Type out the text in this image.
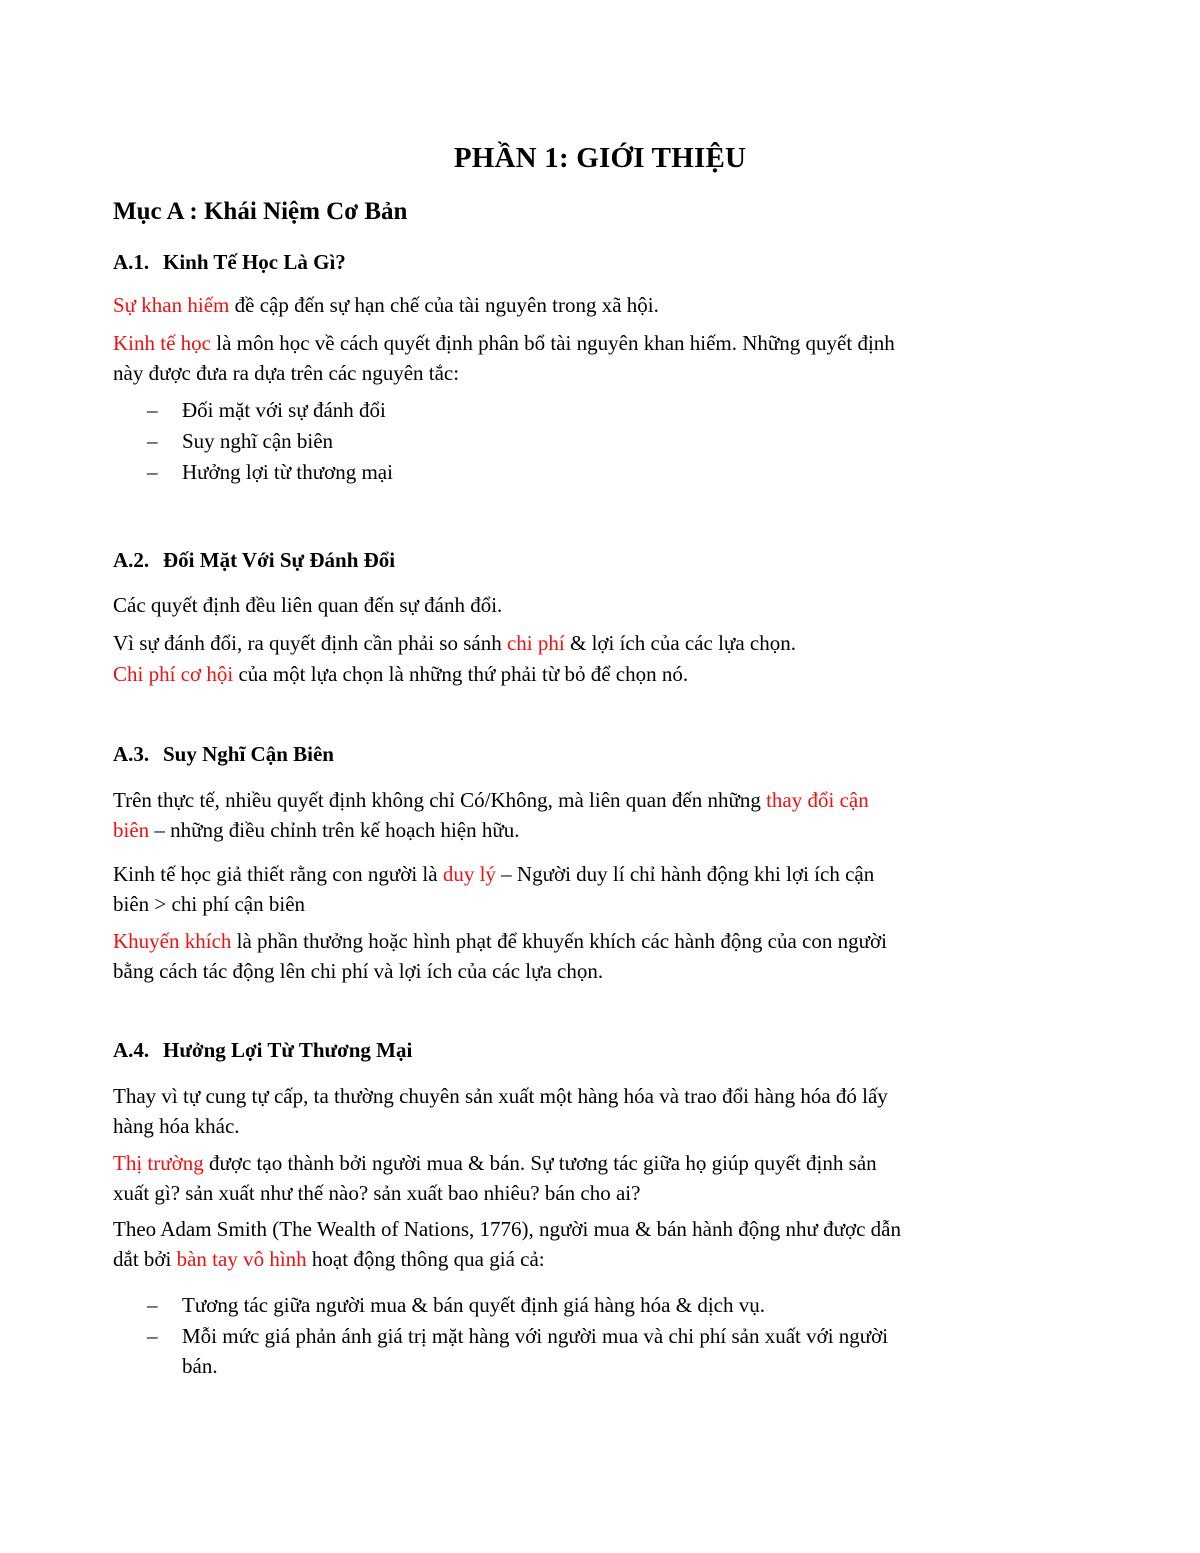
PHẦN 1: GIỚI THIỆU
Mục A : Khái Niệm Cơ Bản
A.1. Kinh Tế Học Là Gì?
Sự khan hiếm đề cập đến sự hạn chế của tài nguyên trong xã hội.
Kinh tế học là môn học về cách quyết định phân bổ tài nguyên khan hiếm. Những quyết định này được đưa ra dựa trên các nguyên tắc:
– Đối mặt với sự đánh đổi
– Suy nghĩ cận biên
– Hưởng lợi từ thương mại
A.2. Đối Mặt Với Sự Đánh Đổi
Các quyết định đều liên quan đến sự đánh đổi.
Vì sự đánh đổi, ra quyết định cần phải so sánh chi phí & lợi ích của các lựa chọn.
Chi phí cơ hội của một lựa chọn là những thứ phải từ bỏ để chọn nó.
A.3. Suy Nghĩ Cận Biên
Trên thực tế, nhiều quyết định không chỉ Có/Không, mà liên quan đến những thay đổi cận biên – những điều chỉnh trên kế hoạch hiện hữu.
Kinh tế học giả thiết rằng con người là duy lý – Người duy lí chỉ hành động khi lợi ích cận biên > chi phí cận biên
Khuyến khích là phần thưởng hoặc hình phạt để khuyến khích các hành động của con người bằng cách tác động lên chi phí và lợi ích của các lựa chọn.
A.4. Hưởng Lợi Từ Thương Mại
Thay vì tự cung tự cấp, ta thường chuyên sản xuất một hàng hóa và trao đổi hàng hóa đó lấy hàng hóa khác.
Thị trường được tạo thành bởi người mua & bán. Sự tương tác giữa họ giúp quyết định sản xuất gì? sản xuất như thế nào? sản xuất bao nhiêu? bán cho ai?
Theo Adam Smith (The Wealth of Nations, 1776), người mua & bán hành động như được dẫn dắt bởi bàn tay vô hình hoạt động thông qua giá cả:
– Tương tác giữa người mua & bán quyết định giá hàng hóa & dịch vụ.
– Mỗi mức giá phản ánh giá trị mặt hàng với người mua và chi phí sản xuất với người bán.
